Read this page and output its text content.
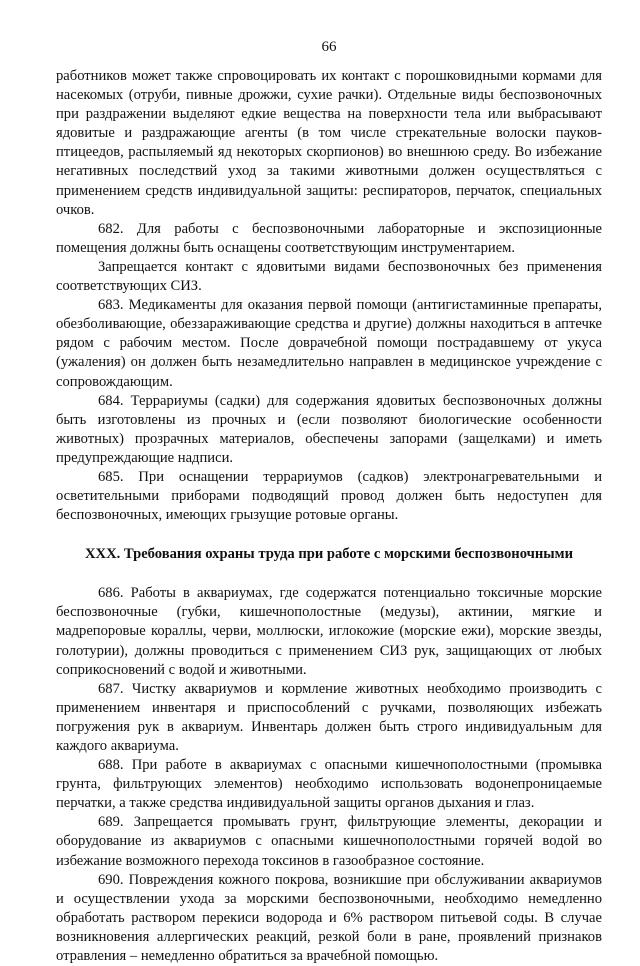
66

работников может также спровоцировать их контакт с порошковидными кормами для насекомых (отруби, пивные дрожжи, сухие рачки). Отдельные виды беспозвоночных при раздражении выделяют едкие вещества на поверхности тела или выбрасывают ядовитые и раздражающие агенты (в том числе стрекательные волоски пауков-птицеедов, распыляемый яд некоторых скорпионов) во внешнюю среду. Во избежание негативных последствий уход за такими животными должен осуществляться с применением средств индивидуальной защиты: респираторов, перчаток, специальных очков.

682. Для работы с беспозвоночными лабораторные и экспозиционные помещения должны быть оснащены соответствующим инструментарием.

Запрещается контакт с ядовитыми видами беспозвоночных без применения соответствующих СИЗ.

683. Медикаменты для оказания первой помощи (антигистаминные препараты, обезболивающие, обеззараживающие средства и другие) должны находиться в аптечке рядом с рабочим местом. После доврачебной помощи пострадавшему от укуса (ужаления) он должен быть незамедлительно направлен в медицинское учреждение с сопровождающим.

684. Террариумы (садки) для содержания ядовитых беспозвоночных должны быть изготовлены из прочных и (если позволяют биологические особенности животных) прозрачных материалов, обеспечены запорами (защелками) и иметь предупреждающие надписи.

685. При оснащении террариумов (садков) электронагревательными и осветительными приборами подводящий провод должен быть недоступен для беспозвоночных, имеющих грызущие ротовые органы.

XXX. Требования охраны труда при работе с морскими беспозвоночными

686. Работы в аквариумах, где содержатся потенциально токсичные морские беспозвоночные (губки, кишечнополостные (медузы), актинии, мягкие и мадрепоровые кораллы, черви, моллюски, иглокожие (морские ежи), морские звезды, голотурии), должны проводиться с применением СИЗ рук, защищающих от любых соприкосновений с водой и животными.

687. Чистку аквариумов и кормление животных необходимо производить с применением инвентаря и приспособлений с ручками, позволяющих избежать погружения рук в аквариум. Инвентарь должен быть строго индивидуальным для каждого аквариума.

688. При работе в аквариумах с опасными кишечнополостными (промывка грунта, фильтрующих элементов) необходимо использовать водонепроницаемые перчатки, а также средства индивидуальной защиты органов дыхания и глаз.

689. Запрещается промывать грунт, фильтрующие элементы, декорации и оборудование из аквариумов с опасными кишечнополостными горячей водой во избежание возможного перехода токсинов в газообразное состояние.

690. Повреждения кожного покрова, возникшие при обслуживании аквариумов и осуществлении ухода за морскими беспозвоночными, необходимо немедленно обработать раствором перекиси водорода и 6% раствором питьевой соды. В случае возникновения аллергических реакций, резкой боли в ране, проявлений признаков отравления – немедленно обратиться за врачебной помощью.
